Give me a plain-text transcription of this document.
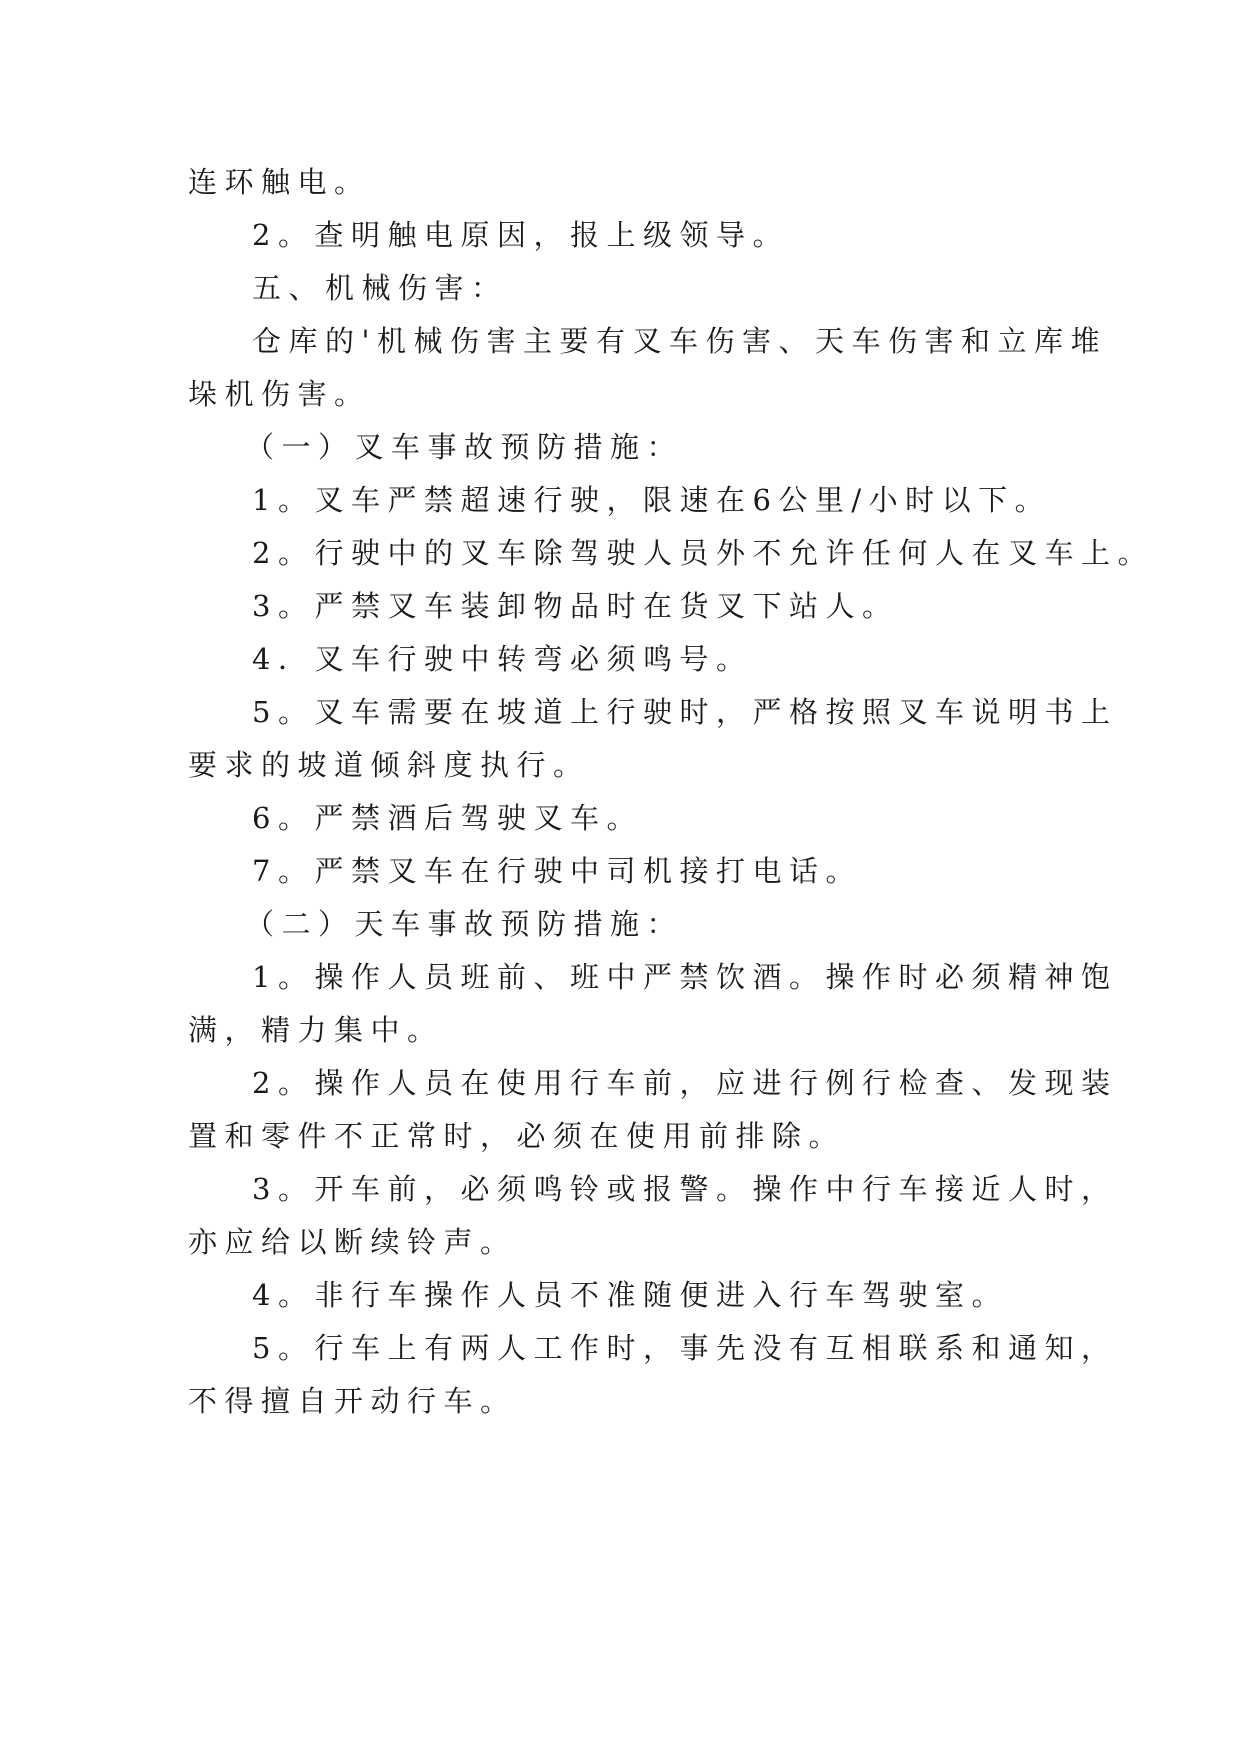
连环触电。
2。查明触电原因，报上级领导。
五、机械伤害：
仓库的'机械伤害主要有叉车伤害、天车伤害和立库堆
垛机伤害。
（一）叉车事故预防措施：
1。叉车严禁超速行驶，限速在6公里/小时以下。
2。行驶中的叉车除驾驶人员外不允许任何人在叉车上。
3。严禁叉车装卸物品时在货叉下站人。
4．叉车行驶中转弯必须鸣号。
5。叉车需要在坡道上行驶时，严格按照叉车说明书上
要求的坡道倾斜度执行。
6。严禁酒后驾驶叉车。
7。严禁叉车在行驶中司机接打电话。
（二）天车事故预防措施：
1。操作人员班前、班中严禁饮酒。操作时必须精神饱
满，精力集中。
2。操作人员在使用行车前，应进行例行检查、发现装
置和零件不正常时，必须在使用前排除。
3。开车前，必须鸣铃或报警。操作中行车接近人时，
亦应给以断续铃声。
4。非行车操作人员不准随便进入行车驾驶室。
5。行车上有两人工作时，事先没有互相联系和通知，
不得擅自开动行车。
